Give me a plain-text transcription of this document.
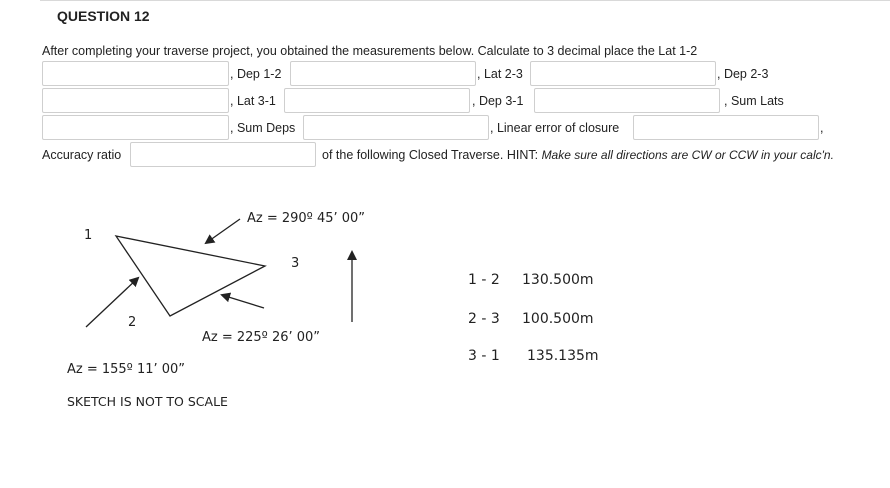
QUESTION 12
After completing your traverse project, you obtained the measurements below. Calculate to 3 decimal place the Lat 1-2
, Dep 1-2	, Lat 2-3	, Dep 2-3
, Lat 3-1	, Dep 3-1	, Sum Lats
, Sum Deps	, Linear error of closure	,
Accuracy ratio	of the following Closed Traverse. HINT: Make sure all directions are CW or CCW in your calc'n.
1
2
3
Az = 290º 45’ 00”
Az = 225º 26’ 00”
Az = 155º 11’ 00”
SKETCH IS NOT TO SCALE
1 - 2 130.500m
2 - 3 100.500m
3 - 1 135.135m
